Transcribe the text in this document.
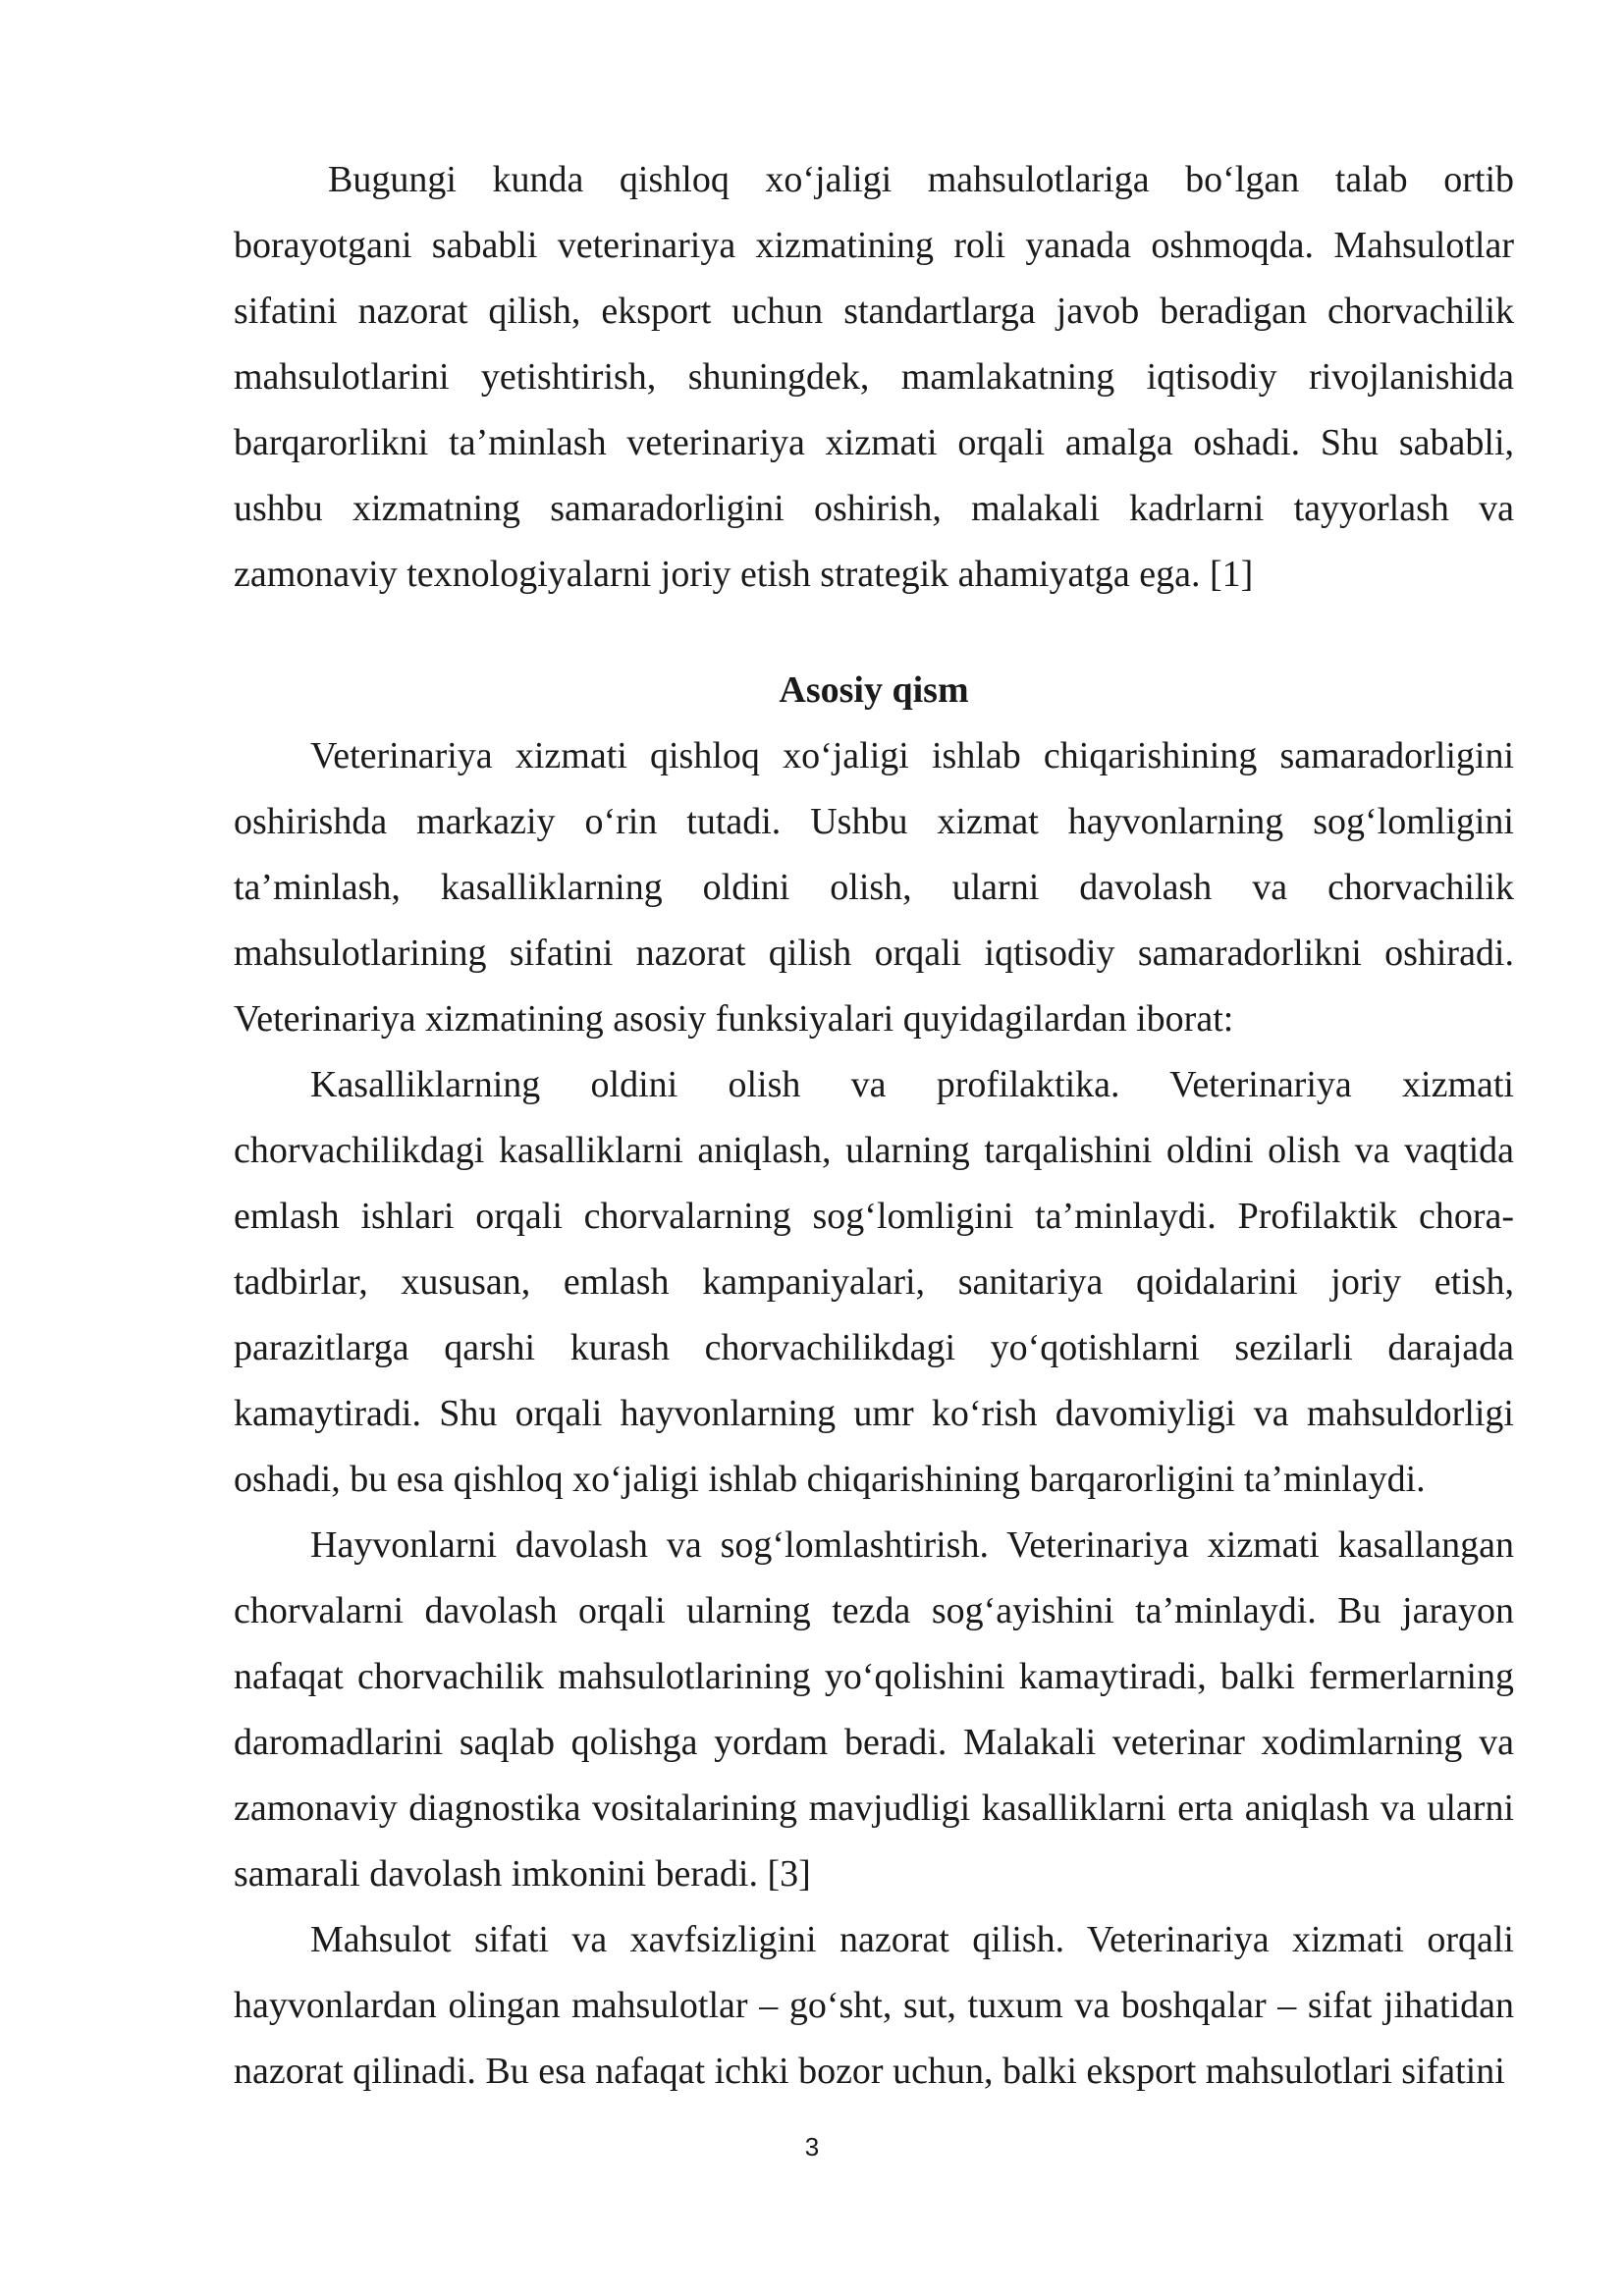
Bugungi kunda qishloq xo‘jaligi mahsulotlariga bo‘lgan talab ortib borayotgani sababli veterinariya xizmatining roli yanada oshmoqda. Mahsulotlar sifatini nazorat qilish, eksport uchun standartlarga javob beradigan chorvachilik mahsulotlarini yetishtirish, shuningdek, mamlakatning iqtisodiy rivojlanishida barqarorlikni ta’minlash veterinariya xizmati orqali amalga oshadi. Shu sababli, ushbu xizmatning samaradorligini oshirish, malakali kadrlarni tayyorlash va zamonaviy texnologiyalarni joriy etish strategik ahamiyatga ega. [1]

Asosiy qism

Veterinariya xizmati qishloq xo‘jaligi ishlab chiqarishining samaradorligini oshirishda markaziy o‘rin tutadi. Ushbu xizmat hayvonlarning sog‘lomligini ta’minlash, kasalliklarning oldini olish, ularni davolash va chorvachilik mahsulotlarining sifatini nazorat qilish orqali iqtisodiy samaradorlikni oshiradi. Veterinariya xizmatining asosiy funksiyalari quyidagilardan iborat:

Kasalliklarning oldini olish va profilaktika. Veterinariya xizmati chorvachilikdagi kasalliklarni aniqlash, ularning tarqalishini oldini olish va vaqtida emlash ishlari orqali chorvalarning sog‘lomligini ta’minlaydi. Profilaktik chora-tadbirlar, xususan, emlash kampaniyalari, sanitariya qoidalarini joriy etish, parazitlarga qarshi kurash chorvachilikdagi yo‘qotishlarni sezilarli darajada kamaytiradi. Shu orqali hayvonlarning umr ko‘rish davomiyligi va mahsuldorligi oshadi, bu esa qishloq xo‘jaligi ishlab chiqarishining barqarorligini ta’minlaydi.

Hayvonlarni davolash va sog‘lomlashtirish. Veterinariya xizmati kasallangan chorvalarni davolash orqali ularning tezda sog‘ayishini ta’minlaydi. Bu jarayon nafaqat chorvachilik mahsulotlarining yo‘qolishini kamaytiradi, balki fermerlarning daromadlarini saqlab qolishga yordam beradi. Malakali veterinar xodimlarning va zamonaviy diagnostika vositalarining mavjudligi kasalliklarni erta aniqlash va ularni samarali davolash imkonini beradi. [3]

Mahsulot sifati va xavfsizligini nazorat qilish. Veterinariya xizmati orqali hayvonlardan olingan mahsulotlar – go‘sht, sut, tuxum va boshqalar – sifat jihatidan nazorat qilinadi. Bu esa nafaqat ichki bozor uchun, balki eksport mahsulotlari sifatini

3
